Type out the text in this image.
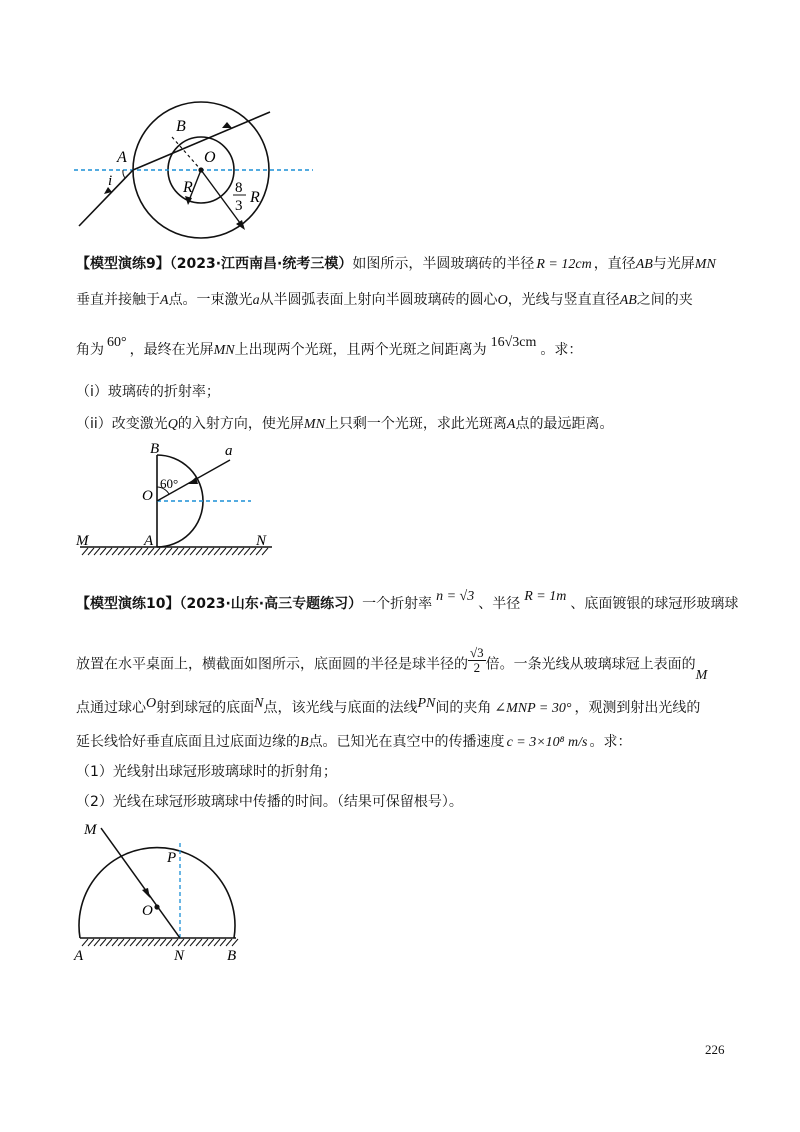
A
B
O
i	R	8
3 R
【模型演练9】（2023·江西南昌·统考三模）如图所示，半圆玻璃砖的半径 R = 12cm ，直径AB与光屏MN
垂直并接触于A点。一束激光a从半圆弧表面上射向半圆玻璃砖的圆心O，光线与竖直直径AB之间的夹
角为 60° ，最终在光屏MN上出现两个光斑，且两个光斑之间距离为 16√3cm 。求：
（i）玻璃砖的折射率；
（ii）改变激光Q的入射方向，使光屏MN上只剩一个光斑，求此光斑离A点的最远距离。
B	a
O
60°
M	A	N
【模型演练10】（2023·山东·高三专题练习）一个折射率 n = √3 、半径 R = 1m 、底面镀银的球冠形玻璃球
放置在水平桌面上，横截面如图所示，底面圆的半径是球半径的 $\frac{√3}{2}$ 倍。一条光线从玻璃球冠上表面的M
点通过球心O射到球冠的底面N点，该光线与底面的法线PN间的夹角 ∠MNP = 30° ，观测到射出光线的
延长线恰好垂直底面且过底面边缘的B点。已知光在真空中的传播速度 c = 3×10⁸ m/s 。求：
（1）光线射出球冠形玻璃球时的折射角；
（2）光线在球冠形玻璃球中传播的时间。（结果可保留根号）。
M
P
O
A	N	B
226
